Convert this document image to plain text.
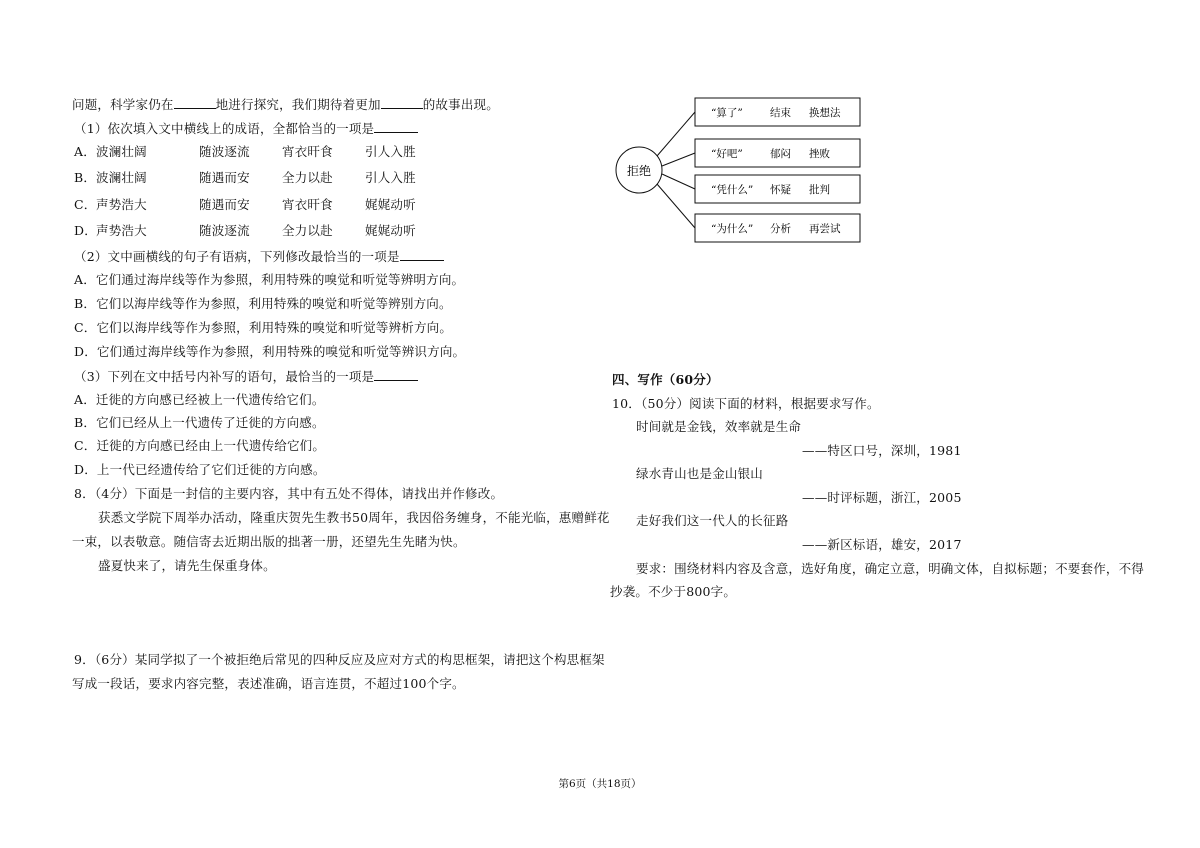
问题，科学家仍在	地进行探究，我们期待着更加	的故事出现。
（1）依次填入文中横线上的成语，全都恰当的一项是
A． 波澜壮阔	随波逐流	宵衣旰食	引人入胜
B． 波澜壮阔	随遇而安	全力以赴	引人入胜
C． 声势浩大	随遇而安	宵衣旰食	娓娓动听
D． 声势浩大	随波逐流	全力以赴	娓娓动听
（2）文中画横线的句子有语病，下列修改最恰当的一项是
A．它们通过海岸线等作为参照，利用特殊的嗅觉和听觉等辨明方向。
B．它们以海岸线等作为参照，利用特殊的嗅觉和听觉等辨别方向。
C．它们以海岸线等作为参照，利用特殊的嗅觉和听觉等辨析方向。
D．它们通过海岸线等作为参照，利用特殊的嗅觉和听觉等辨识方向。
（3）下列在文中括号内补写的语句，最恰当的一项是
A．迁徙的方向感已经被上一代遗传给它们。
B．它们已经从上一代遗传了迁徙的方向感。
C．迁徙的方向感已经由上一代遗传给它们。
D．上一代已经遗传给了它们迁徙的方向感。
8．（4分）下面是一封信的主要内容，其中有五处不得体，请找出并作修改。
获悉文学院下周举办活动，隆重庆贺先生教书50周年，我因俗务缠身，不能光临，惠赠鲜花
一束，以表敬意。随信寄去近期出版的拙著一册，还望先生先睹为快。
盛夏快来了，请先生保重身体。
9．（6分）某同学拟了一个被拒绝后常见的四种反应及应对方式的构思框架，请把这个构思框架
写成一段话，要求内容完整，表述准确，语言连贯，不超过100个字。
拒绝
“算了”	结束 换想法
“好吧”	郁闷 挫败
“凭什么” 怀疑 批判
“为什么” 分析 再尝试
四、写作（60分）
10．（50分）阅读下面的材料，根据要求写作。
时间就是金钱，效率就是生命
——特区口号，深圳，1981
绿水青山也是金山银山
——时评标题，浙江，2005
走好我们这一代人的长征路
——新区标语，雄安，2017
要求：围绕材料内容及含意，选好角度，确定立意，明确文体，自拟标题；不要套作，不得
抄袭。不少于800字。
第6页（共18页）
